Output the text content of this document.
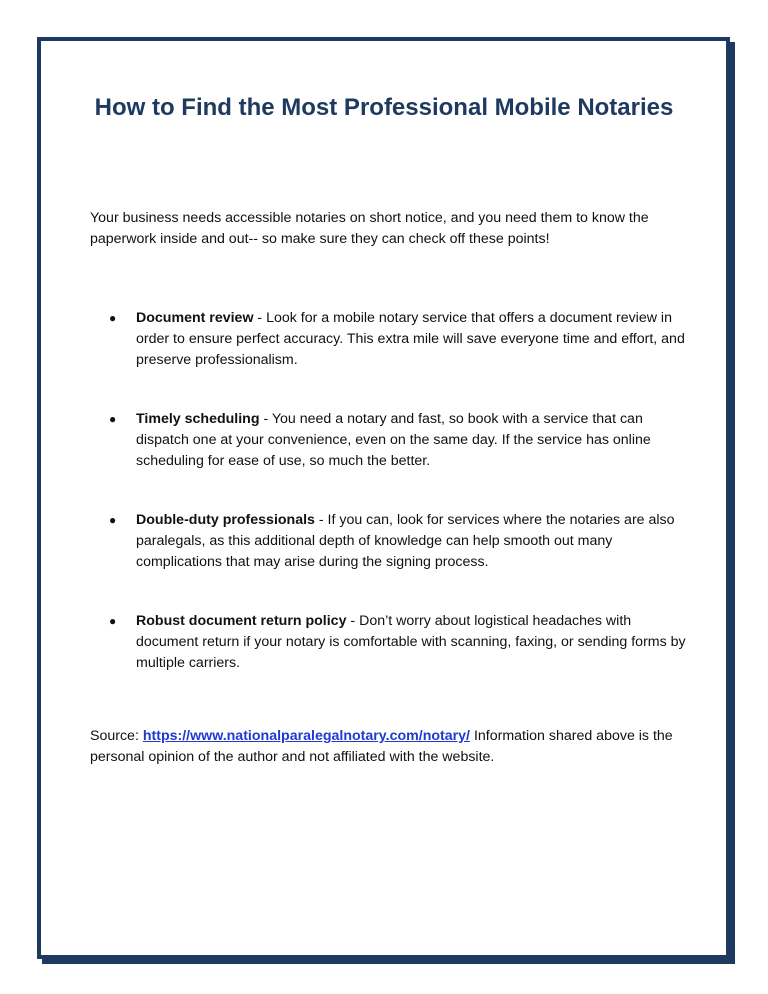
How to Find the Most Professional Mobile Notaries

Your business needs accessible notaries on short notice, and you need them to know the paperwork inside and out-- so make sure they can check off these points!

● Document review - Look for a mobile notary service that offers a document review in order to ensure perfect accuracy. This extra mile will save everyone time and effort, and preserve professionalism.
● Timely scheduling - You need a notary and fast, so book with a service that can dispatch one at your convenience, even on the same day. If the service has online scheduling for ease of use, so much the better.
● Double-duty professionals - If you can, look for services where the notaries are also paralegals, as this additional depth of knowledge can help smooth out many complications that may arise during the signing process.
● Robust document return policy - Don’t worry about logistical headaches with document return if your notary is comfortable with scanning, faxing, or sending forms by multiple carriers.

Source: https://www.nationalparalegalnotary.com/notary/ Information shared above is the personal opinion of the author and not affiliated with the website.
